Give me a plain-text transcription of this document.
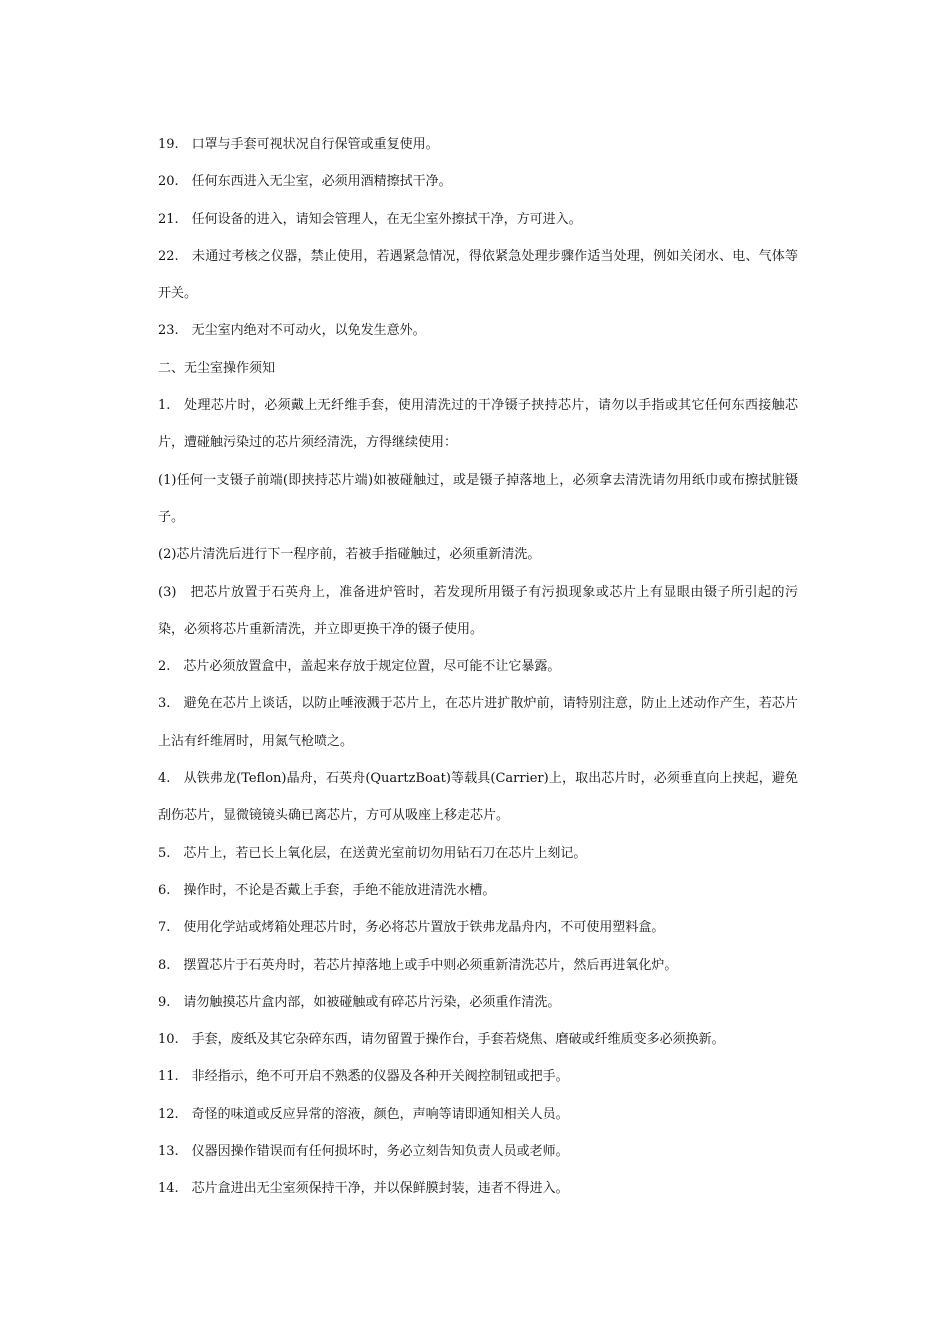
19.　口罩与手套可视状况自行保管或重复使用。

20.　任何东西进入无尘室，必须用酒精擦拭干净。

21.　任何设备的进入，请知会管理人，在无尘室外擦拭干净，方可进入。

22.　未通过考核之仪器，禁止使用，若遇紧急情况，得依紧急处理步骤作适当处理，例如关闭水、电、气体等开关。

23.　无尘室内绝对不可动火，以免发生意外。

二、无尘室操作须知

1.　处理芯片时，必须戴上无纤维手套，使用清洗过的干净镊子挟持芯片，请勿以手指或其它任何东西接触芯片，遭碰触污染过的芯片须经清洗，方得继续使用：

(1)任何一支镊子前端(即挟持芯片端)如被碰触过，或是镊子掉落地上，必须拿去清洗请勿用纸巾或布擦拭脏镊子。

(2)芯片清洗后进行下一程序前，若被手指碰触过，必须重新清洗。

(3)　把芯片放置于石英舟上，准备进炉管时，若发现所用镊子有污损现象或芯片上有显眼由镊子所引起的污染，必须将芯片重新清洗，并立即更换干净的镊子使用。

2.　芯片必须放置盒中，盖起来存放于规定位置，尽可能不让它暴露。

3.　避免在芯片上谈话，以防止唾液溅于芯片上，在芯片进扩散炉前，请特别注意，防止上述动作产生，若芯片上沾有纤维屑时，用氮气枪喷之。

4.　从铁弗龙(Teflon)晶舟，石英舟(QuartzBoat)等载具(Carrier)上，取出芯片时，必须垂直向上挟起，避免刮伤芯片，显微镜镜头确已离芯片，方可从吸座上移走芯片。

5.　芯片上，若已长上氧化层，在送黄光室前切勿用钻石刀在芯片上刻记。

6.　操作时，不论是否戴上手套，手绝不能放进清洗水槽。

7.　使用化学站或烤箱处理芯片时，务必将芯片置放于铁弗龙晶舟内，不可使用塑料盒。

8.　摆置芯片于石英舟时，若芯片掉落地上或手中则必须重新清洗芯片，然后再进氧化炉。

9.　请勿触摸芯片盒内部，如被碰触或有碎芯片污染，必须重作清洗。

10.　手套，废纸及其它杂碎东西，请勿留置于操作台，手套若烧焦、磨破或纤维质变多必须换新。

11.　非经指示，绝不可开启不熟悉的仪器及各种开关阀控制钮或把手。

12.　奇怪的味道或反应异常的溶液，颜色，声响等请即通知相关人员。

13.　仪器因操作错误而有任何损坏时，务必立刻告知负责人员或老师。

14.　芯片盒进出无尘室须保持干净，并以保鲜膜封装，违者不得进入。
